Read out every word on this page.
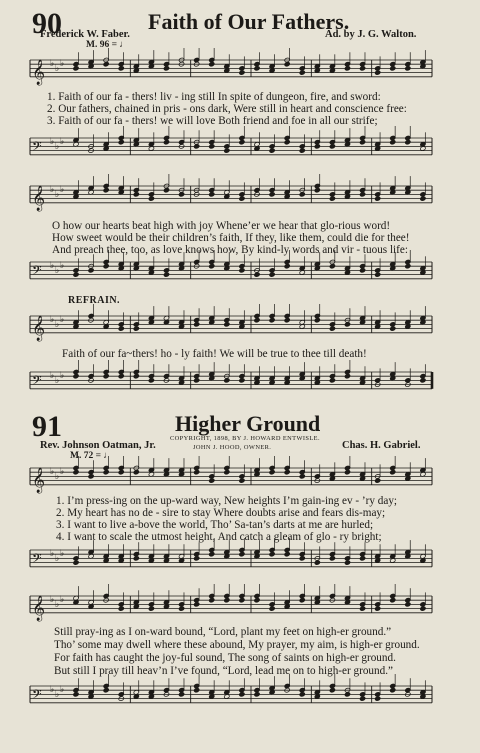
90	Faith of Our Fathers.
Frederick W. Faber.	Ad. by J. G. Walton.
M. 96 = ♩
𝄞 ♭ ♭ ♭
1. Faith of our fa - thers! liv - ing still In spite of dungeon, fire, and sword:
2. Our fathers, chained in pris - ons dark, Were still in heart and conscience free:
3. Faith of our fa - thers! we will love Both friend and foe in all our strife;
𝄢 ♭ ♭ ♭
𝄞 ♭ ♭ ♭
O how our hearts beat high with joy Whene’er we hear that glo-rious word!
How sweet would be their children’s faith, If they, like them, could die for thee!
And preach thee, too, as love knows how, By kind-ly words and vir - tuous life:
𝄢 ♭ ♭ ♭
REFRAIN.
𝄞 ♭ ♭ ♭
Faith of our fa~thers! ho - ly faith! We will be true to thee till death!
𝄢 ♭ ♭ ♭
91	Higher Ground
COPYRIGHT, 1898, BY J. HOWARD ENTWISLE.
JOHN J. HOOD, OWNER.
Rev. Johnson Oatman, Jr.	Chas. H. Gabriel.
M. 72 = ♩
𝄞 ♭ ♭ ♭
1. I’m press-ing on the up-ward way, New heights I’m gain-ing ev - ’ry day;
2. My heart has no de - sire to stay Where doubts arise and fears dis-may;
3. I want to live a-bove the world, Tho’ Sa-tan’s darts at me are hurled;
4. I want to scale the utmost height, And catch a gleam of glo - ry bright;
𝄢 ♭ ♭ ♭
𝄞 ♭ ♭ ♭
Still pray-ing as I on-ward bound, “Lord, plant my feet on high-er ground.”
Tho’ some may dwell where these abound, My prayer, my aim, is high-er ground.
For faith has caught the joy-ful sound, The song of saints on high-er ground.
But still I pray till heav’n I’ve found, “Lord, lead me on to high-er ground.”
𝄢 ♭ ♭ ♭
